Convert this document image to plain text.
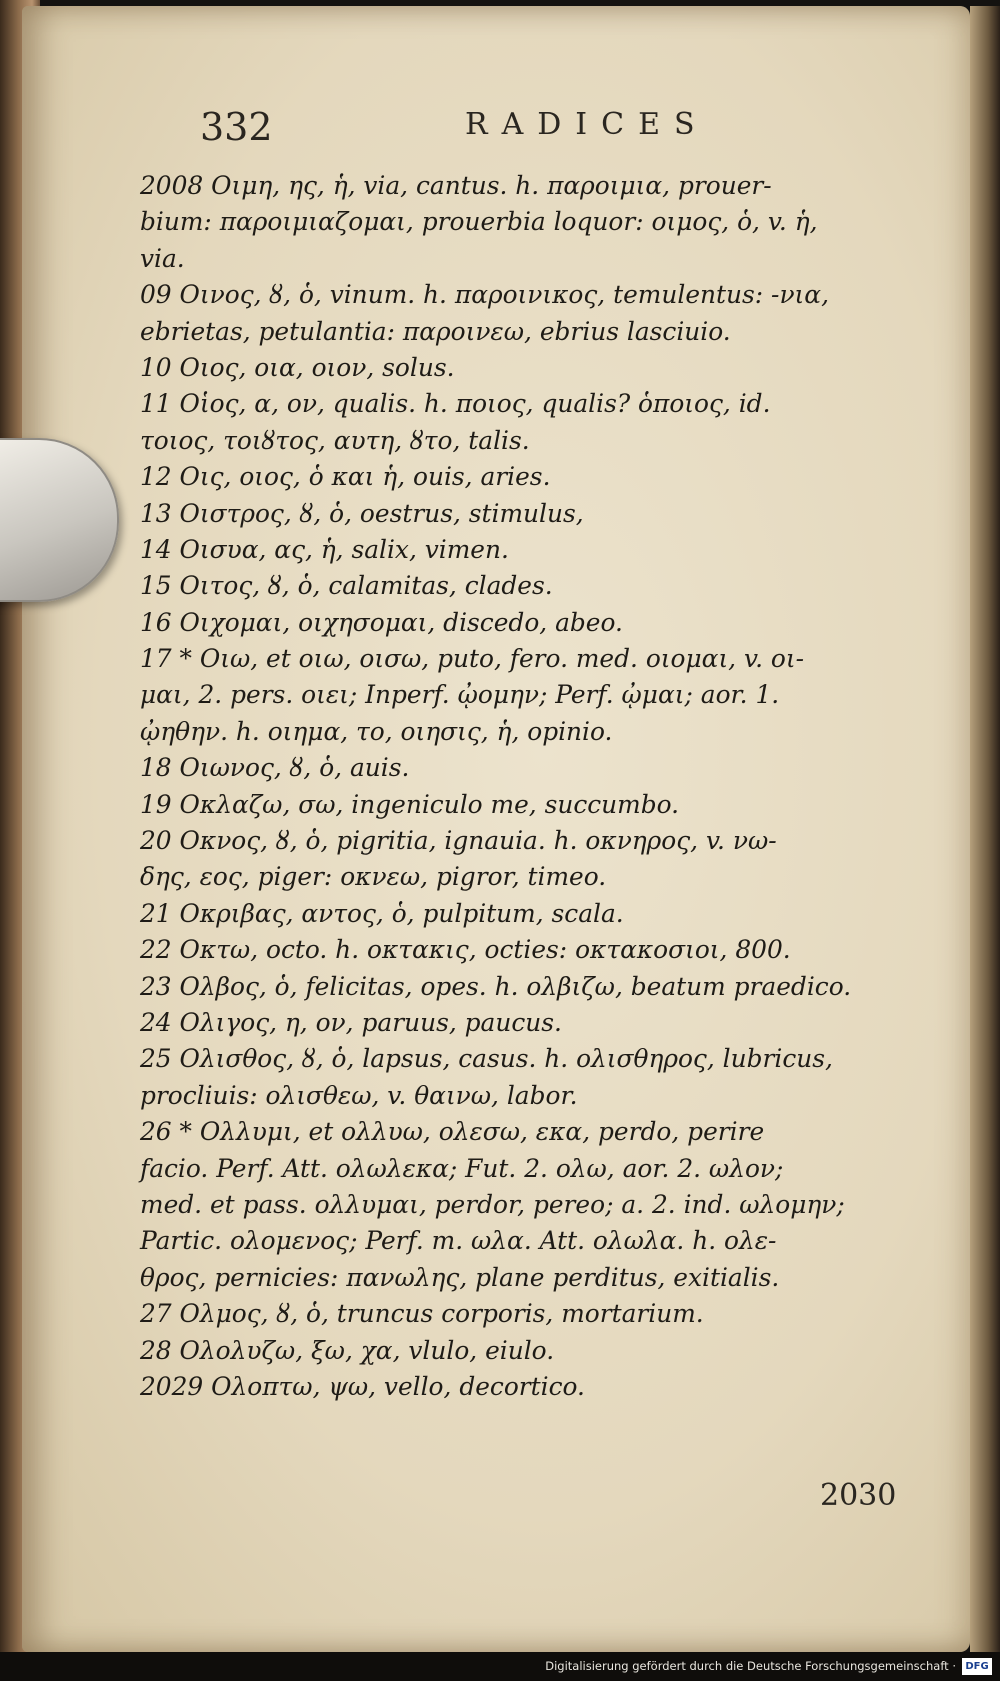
332	RADICES
2008 Οιμη, ης, ἡ, via, cantus. h. παροιμια, prouer-
bium: παροιμιαζομαι, prouerbia loquor: οιμος, ὁ, v. ἡ,
via.
09 Οινος, ȣ, ὁ, vinum. h. παροινικος, temulentus: -νια,
ebrietas, petulantia: παροινεω, ebrius lasciuio.
10 Οιος, οια, οιον, solus.
11 Οἱος, α, ον, qualis. h. ποιος, qualis? ὁποιος, id.
τοιος, τοιȣτος, αυτη, ȣτο, talis.
12 Οις, οιος, ὁ και ἡ, ouis, aries.
13 Οιστρος, ȣ, ὁ, oestrus, stimulus,
14 Οισυα, ας, ἡ, salix, vimen.
15 Οιτος, ȣ, ὁ, calamitas, clades.
16 Οιχομαι, οιχησομαι, discedo, abeo.
17 * Οιω, et οιω, οισω, puto, fero. med. οιομαι, v. οι-
μαι, 2. pers. οιει; Inperf. ᾠομην; Perf. ᾠμαι; aor. 1.
ᾠηθην. h. οιημα, το, οιησις, ἡ, opinio.
18 Οιωνος, ȣ, ὁ, auis.
19 Οκλαζω, σω, ingeniculo me, succumbo.
20 Οκνος, ȣ, ὁ, pigritia, ignauia. h. οκνηρος, v. νω-
δης, εος, piger: οκνεω, pigror, timeo.
21 Οκριβας, αντος, ὁ, pulpitum, scala.
22 Οκτω, octo. h. οκτακις, octies: οκτακοσιοι, 800.
23 Ολβος, ὁ, felicitas, opes. h. ολβιζω, beatum praedico.
24 Ολιγος, η, ον, paruus, paucus.
25 Ολισθος, ȣ, ὁ, lapsus, casus. h. ολισθηρος, lubricus,
procliuis: ολισθεω, v. θαινω, labor.
26 * Ολλυμι, et ολλυω, ολεσω, εκα, perdo, perire
facio. Perf. Att. ολωλεκα; Fut. 2. ολω, aor. 2. ωλον;
med. et pass. ολλυμαι, perdor, pereo; a. 2. ind. ωλομην;
Partic. ολομενος; Perf. m. ωλα. Att. ολωλα. h. ολε-
θρος, pernicies: πανωλης, plane perditus, exitialis.
27 Ολμος, ȣ, ὁ, truncus corporis, mortarium.
28 Ολολυζω, ξω, χα, vlulo, eiulo.
2029 Ολοπτω, ψω, vello, decortico.
2030
Digitalisierung gefördert durch die Deutsche Forschungsgemeinschaft · DFG
